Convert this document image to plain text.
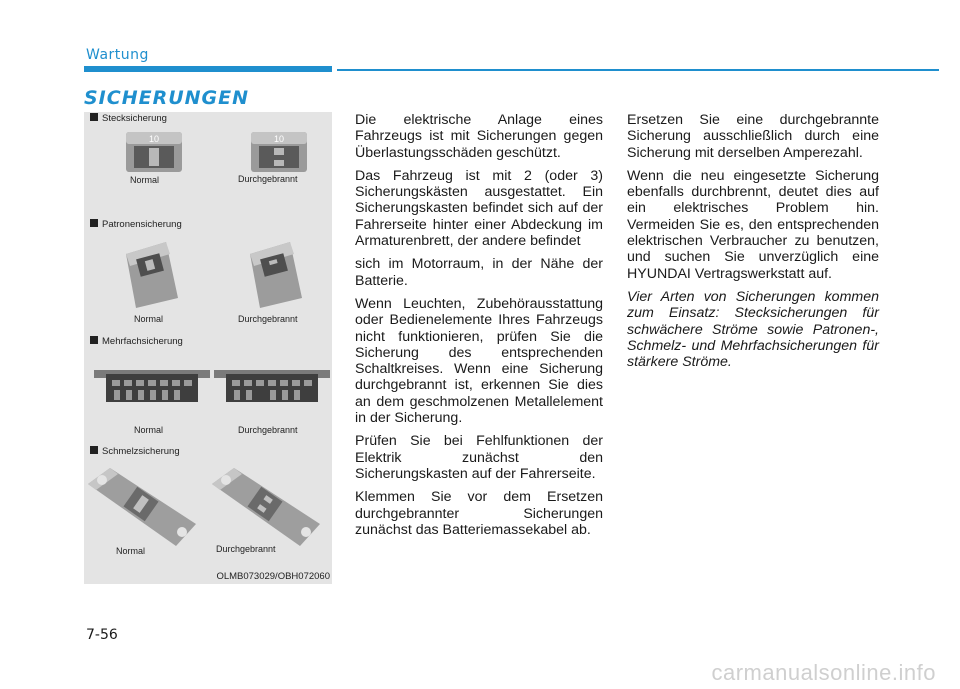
Wartung
SICHERUNGEN
Stecksicherung
10	10
Normal	Durchgebrannt
Patronensicherung
Normal	Durchgebrannt
Mehrfachsicherung
Normal	Durchgebrannt
Schmelzsicherung
Normal	Durchgebrannt
OLMB073029/OBH072060

Die elektrische Anlage eines Fahrzeugs ist mit Sicherungen gegen Überlastungsschäden geschützt.

Das Fahrzeug ist mit 2 (oder 3) Sicherungskästen ausgestattet. Ein Sicherungskasten befindet sich auf der Fahrerseite hinter einer Abdeckung im Armaturenbrett, der andere befindet

sich im Motorraum, in der Nähe der Batterie.

Wenn Leuchten, Zubehörausstattung oder Bedienelemente Ihres Fahrzeugs nicht funktionieren, prüfen Sie die Sicherung des entsprechenden Schaltkreises. Wenn eine Sicherung durchgebrannt ist, erkennen Sie dies an dem geschmolzenen Metallelement in der Sicherung.

Prüfen Sie bei Fehlfunktionen der Elektrik zunächst den Sicherungskasten auf der Fahrerseite.

Klemmen Sie vor dem Ersetzen durchgebrannter Sicherungen zunächst das Batteriemassekabel ab.

Ersetzen Sie eine durchgebrannte Sicherung ausschließlich durch eine Sicherung mit derselben Amperezahl.

Wenn die neu eingesetzte Sicherung ebenfalls durchbrennt, deutet dies auf ein elektrisches Problem hin. Vermeiden Sie es, den entsprechenden elektrischen Verbraucher zu benutzen, und suchen Sie unverzüglich eine HYUNDAI Vertragswerkstatt auf.

Vier Arten von Sicherungen kommen zum Einsatz: Stecksicherungen für schwächere Ströme sowie Patronen-, Schmelz- und Mehrfachsicherungen für stärkere Ströme.

7-56
carmanualsonline.info
